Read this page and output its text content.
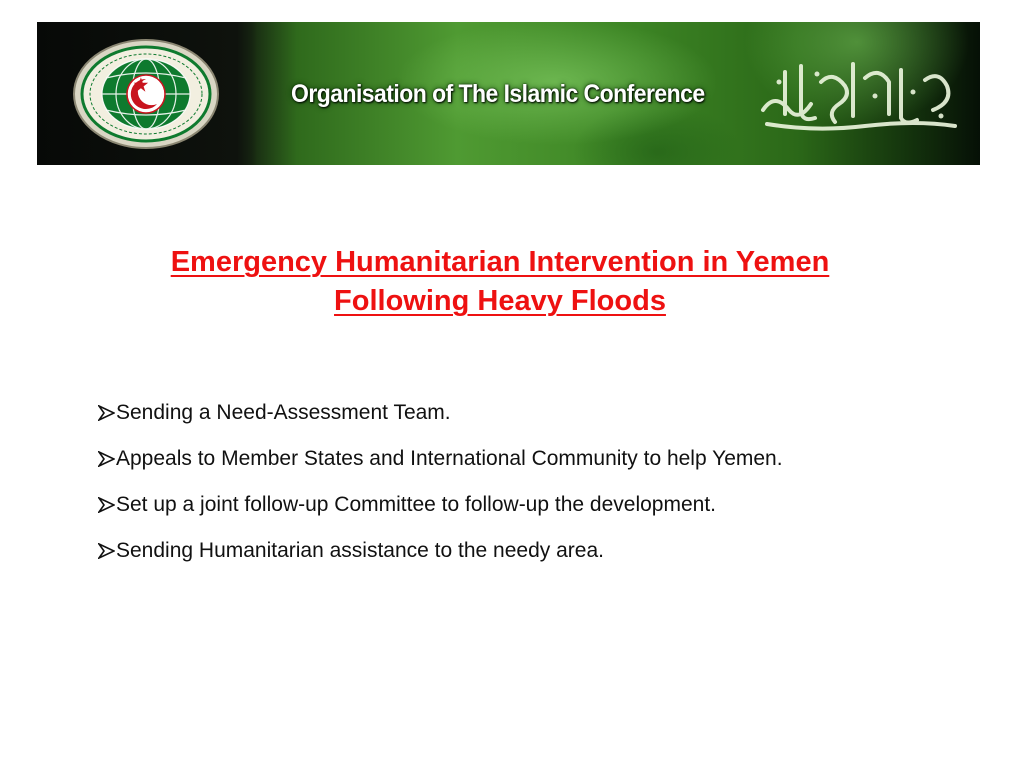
Organisation of The Islamic Conference
Emergency Humanitarian Intervention in Yemen
Following Heavy Floods
Sending a Need-Assessment Team.
Appeals to Member States and International Community to help Yemen.
Set up a joint follow-up Committee to follow-up the development.
Sending Humanitarian assistance to the needy area.
